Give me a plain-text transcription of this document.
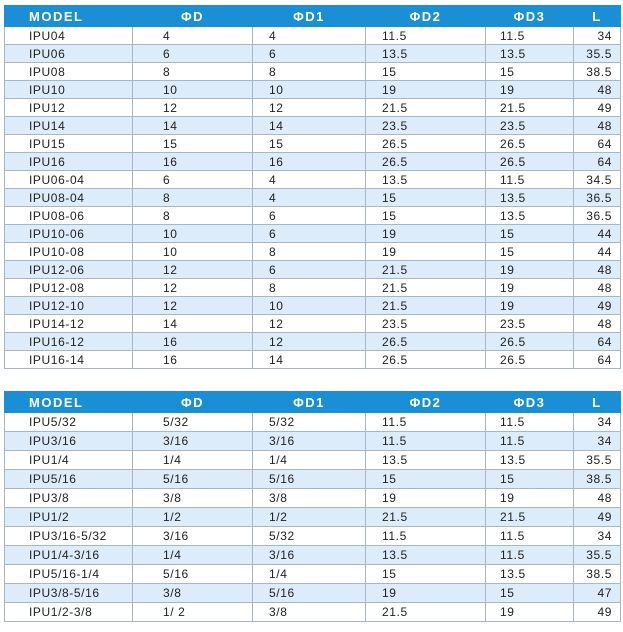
MODEL	ΦD	ΦD1	ΦD2	ΦD3	L
IPU04	4	4	11.5	11.5	34
IPU06	6	6	13.5	13.5	35.5
IPU08	8	8	15	15	38.5
IPU10	10	10	19	19	48
IPU12	12	12	21.5	21.5	49
IPU14	14	14	23.5	23.5	48
IPU15	15	15	26.5	26.5	64
IPU16	16	16	26.5	26.5	64
IPU06-04	6	4	13.5	11.5	34.5
IPU08-04	8	4	15	13.5	36.5
IPU08-06	8	6	15	13.5	36.5
IPU10-06	10	6	19	15	44
IPU10-08	10	8	19	15	44
IPU12-06	12	6	21.5	19	48
IPU12-08	12	8	21.5	19	48
IPU12-10	12	10	21.5	19	49
IPU14-12	14	12	23.5	23.5	48
IPU16-12	16	12	26.5	26.5	64
IPU16-14	16	14	26.5	26.5	64
MODEL	ΦD	ΦD1	ΦD2	ΦD3	L
IPU5/32	5/32	5/32	11.5	11.5	34
IPU3/16	3/16	3/16	11.5	11.5	34
IPU1/4	1/4	1/4	13.5	13.5	35.5
IPU5/16	5/16	5/16	15	15	38.5
IPU3/8	3/8	3/8	19	19	48
IPU1/2	1/2	1/2	21.5	21.5	49
IPU3/16-5/32	3/16	5/32	11.5	11.5	34
IPU1/4-3/16	1/4	3/16	13.5	11.5	35.5
IPU5/16-1/4	5/16	1/4	15	13.5	38.5
IPU3/8-5/16	3/8	5/16	19	15	47
IPU1/2-3/8	1/ 2	3/8	21.5	19	49
